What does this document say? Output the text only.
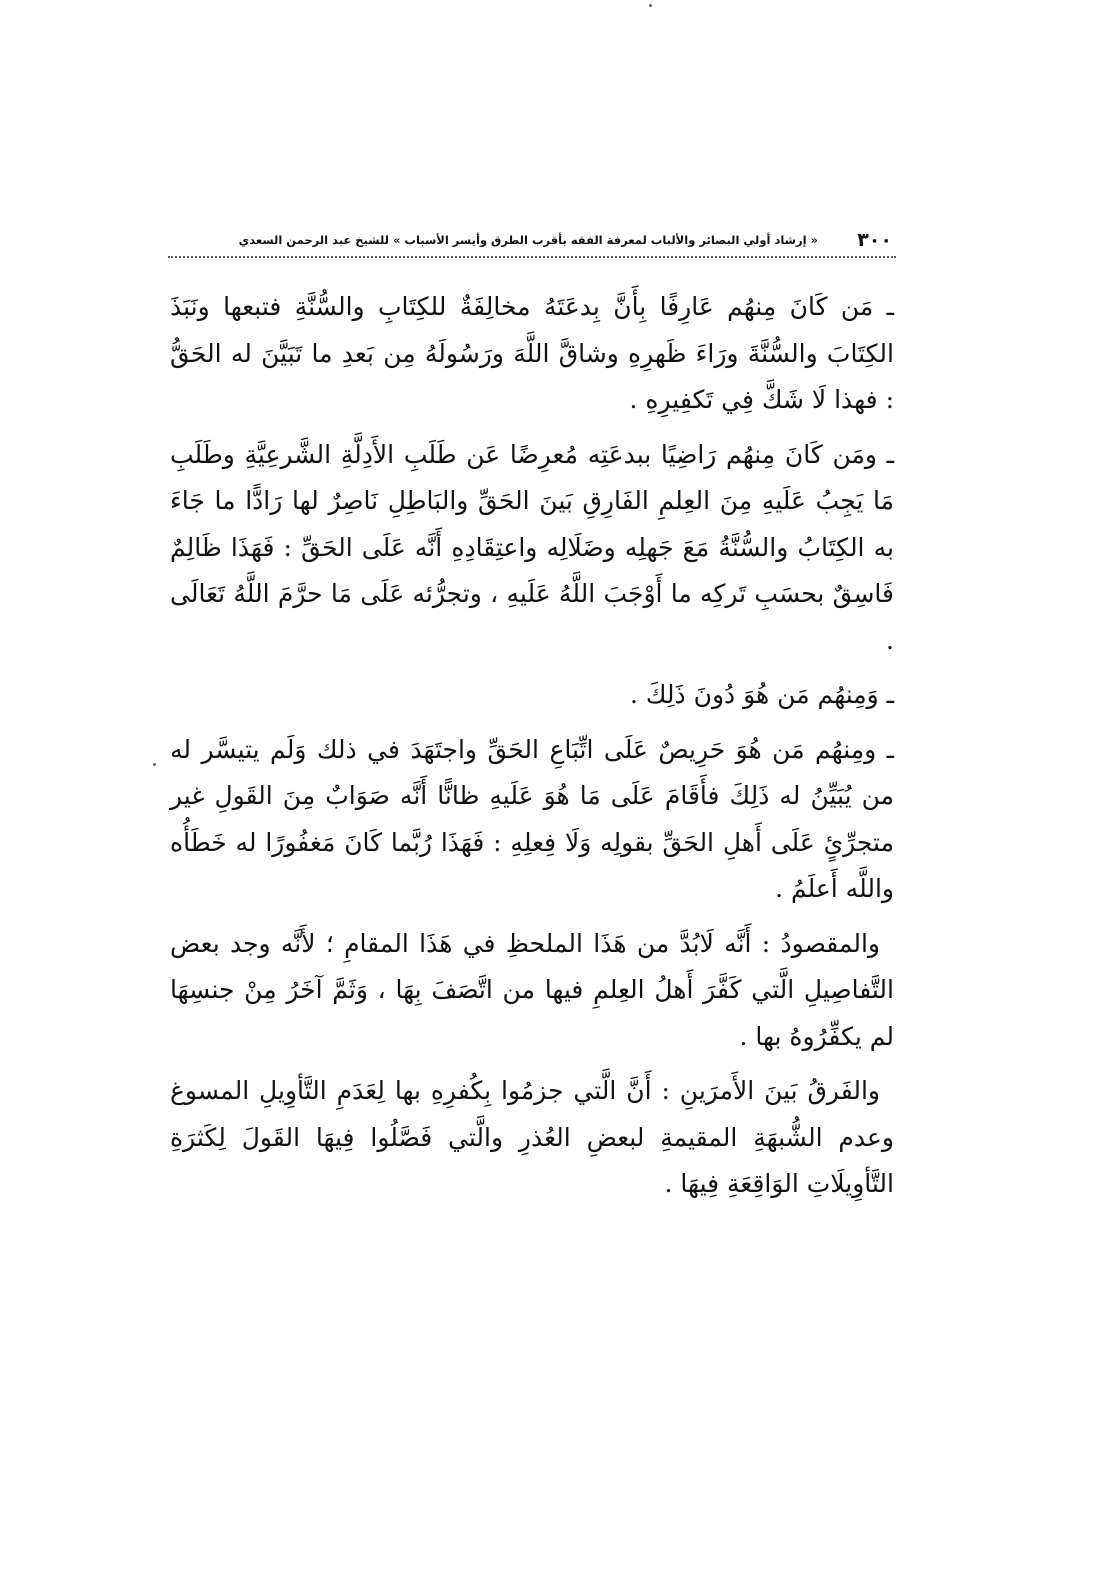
٣٠٠
« إرشاد أولي البصائر والألباب لمعرفة الفقه بأقرب الطرق وأيسر الأسباب » للشيخ عبد الرحمن السعدي

ـ مَن كَانَ مِنهُم عَارِفًا بِأَنَّ بِدعَتَهُ مخالِفَةٌ للكِتَابِ والسُّنَّةِ فتبعها ونَبَذَ الكِتَابَ والسُّنَّةَ ورَاءَ ظَهرِهِ وشاقَّ اللَّهَ ورَسُولَهُ مِن بَعدِ ما تَبَيَّنَ له الحَقُّ : فهذا لَا شَكَّ فِي تَكفِيرِهِ .

ـ ومَن كَانَ مِنهُم رَاضِيًا ببدعَتِه مُعرِضًا عَن طَلَبِ الأَدِلَّةِ الشَّرعِيَّةِ وطَلَبِ مَا يَجِبُ عَلَيهِ مِنَ العِلمِ الفَارِقِ بَينَ الحَقِّ والبَاطِلِ نَاصِرٌ لها رَادًّا ما جَاءَ به الكِتَابُ والسُّنَّةُ مَعَ جَهلِه وضَلَالِه واعتِقَادِهِ أَنَّه عَلَى الحَقِّ : فَهَذَا ظَالِمٌ فَاسِقٌ بحسَبِ تَركِه ما أَوْجَبَ اللَّهُ عَلَيهِ ، وتجرُّئه عَلَى مَا حرَّمَ اللَّهُ تَعَالَى .

ـ وَمِنهُم مَن هُوَ دُونَ ذَلِكَ .

ـ ومِنهُم مَن هُوَ حَرِيصٌ عَلَى اتِّبَاعِ الحَقِّ واجتَهَدَ في ذلك وَلَم يتيسَّر له من يُبَيِّنُ له ذَلِكَ فأَقَامَ عَلَى مَا هُوَ عَلَيهِ ظانًّا أَنَّه صَوَابٌ مِنَ القَولِ غير متجرِّئٍ عَلَى أَهلِ الحَقِّ بقولِه وَلَا فِعلِهِ : فَهَذَا رُبَّما كَانَ مَغفُورًا له خَطَأُه واللَّه أَعلَمُ .

والمقصودُ : أَنَّه لَابُدَّ من هَذَا الملحظِ في هَذَا المقامِ ؛ لأَنَّه وجد بعض التَّفاصِيلِ الَّتي كَفَّرَ أَهلُ العِلمِ فيها من اتَّصَفَ بِهَا ، وَثَمَّ آخَرُ مِنْ جنسِهَا لم يكفِّرُوهُ بها .

والفَرقُ بَينَ الأَمرَينِ : أَنَّ الَّتي جزمُوا بِكُفرِهِ بها لِعَدَمِ التَّأوِيلِ المسوغ وعدم الشُّبهَةِ المقيمةِ لبعضِ العُذرِ والَّتي فَصَّلُوا فِيهَا القَولَ لِكَثرَةِ التَّأوِيلَاتِ الوَاقِعَةِ فِيهَا .
